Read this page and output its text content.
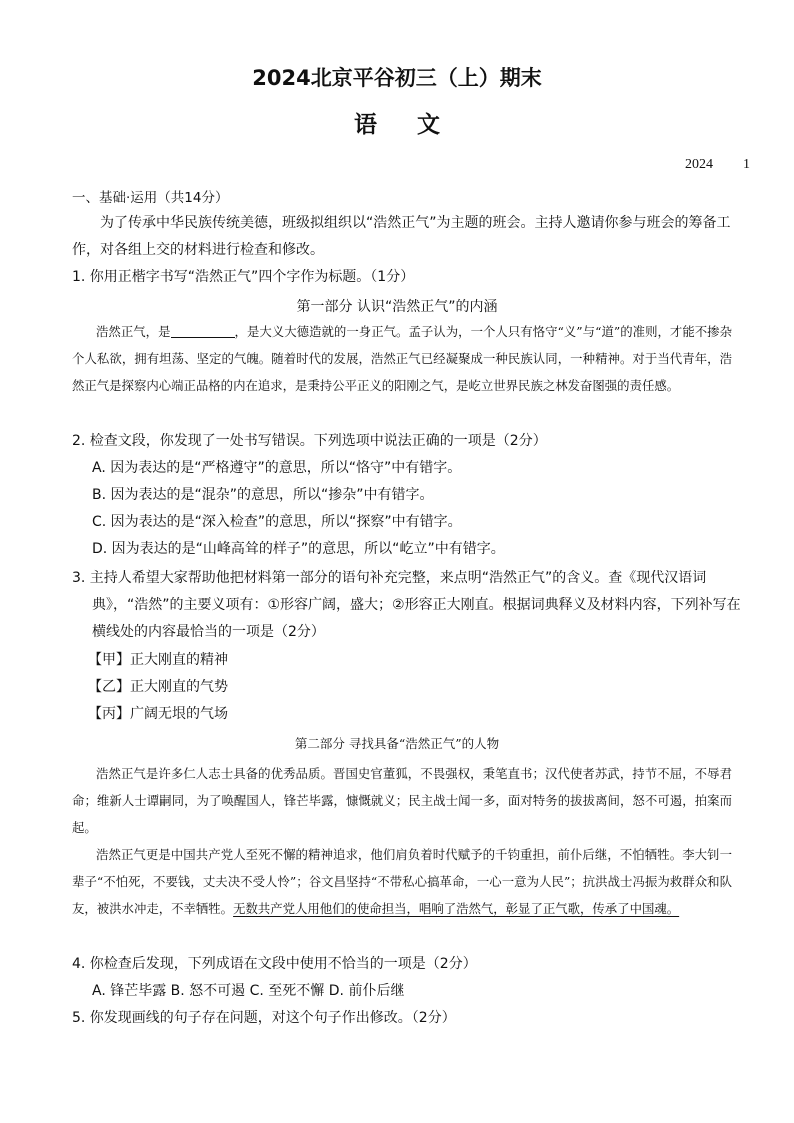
2024北京平谷初三（上）期末
语文
2024 1
一、基础·运用（共14分）
为了传承中华民族传统美德，班级拟组织以“浩然正气”为主题的班会。主持人邀请你参与班会的筹备工作，对各组上交的材料进行检查和修改。
1. 你用正楷字书写“浩然正气”四个字作为标题。（1分）
第一部分 认识“浩然正气”的内涵
浩然正气，是	，是大义大德造就的一身正气。孟子认为，一个人只有恪守“义”与“道”的准则，才能不掺杂个人私欲，拥有坦荡、坚定的气魄。随着时代的发展，浩然正气已经凝聚成一种民族认同，一种精神。对于当代青年，浩然正气是探察内心端正品格的内在追求，是秉持公平正义的阳刚之气，是屹立世界民族之林发奋图强的责任感。
2. 检查文段，你发现了一处书写错误。下列选项中说法正确的一项是（2分）
A. 因为表达的是“严格遵守”的意思，所以“恪守”中有错字。
B. 因为表达的是“混杂”的意思，所以“掺杂”中有错字。
C. 因为表达的是“深入检查”的意思，所以“探察”中有错字。
D. 因为表达的是“山峰高耸的样子”的意思，所以“屹立”中有错字。
3. 主持人希望大家帮助他把材料第一部分的语句补充完整，来点明“浩然正气”的含义。查《现代汉语词典》，“浩然”的主要义项有：①形容广阔，盛大；②形容正大刚直。根据词典释义及材料内容，下列补写在横线处的内容最恰当的一项是（2分）
【甲】正大刚直的精神
【乙】正大刚直的气势
【丙】广阔无垠的气场
第二部分 寻找具备“浩然正气”的人物
浩然正气是许多仁人志士具备的优秀品质。晋国史官董狐，不畏强权，秉笔直书；汉代使者苏武，持节不屈，不辱君命；维新人士谭嗣同，为了唤醒国人，锋芒毕露，慷慨就义；民主战士闻一多，面对特务的拔拔离间，怒不可遏，拍案而起。
浩然正气更是中国共产党人至死不懈的精神追求，他们肩负着时代赋予的千钧重担，前仆后继，不怕牺牲。李大钊一辈子“不怕死，不要钱，丈夫决不受人怜”；谷文昌坚持“不带私心搞革命，一心一意为人民”；抗洪战士冯振为救群众和队友，被洪水冲走，不幸牺牲。无数共产党人用他们的使命担当，唱响了浩然气，彰显了正气歌，传承了中国魂。
4. 你检查后发现，下列成语在文段中使用不恰当的一项是（2分）
A. 锋芒毕露 B. 怒不可遏 C. 至死不懈 D. 前仆后继
5. 你发现画线的句子存在问题，对这个句子作出修改。（2分）
